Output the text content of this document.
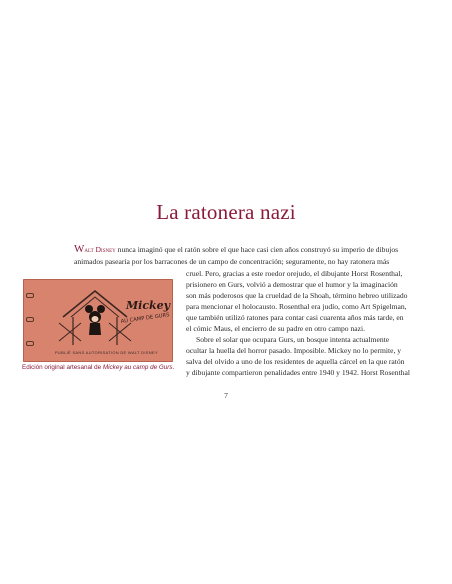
La ratonera nazi
Walt Disney nunca imaginó que el ratón sobre el que hace casi cien años construyó su imperio de dibujos
animados pasearía por los barracones de un campo de concentración; seguramente, no hay ratonera más
cruel. Pero, gracias a este roedor orejudo, el dibujante Horst Rosenthal,
prisionero en Gurs, volvió a demostrar que el humor y la imaginación
son más poderosos que la crueldad de la Shoah, término hebreo utilizado
para mencionar el holocausto. Rosenthal era judío, como Art Spigelman,
que también utilizó ratones para contar casi cuarenta años más tarde, en
el cómic Maus, el encierro de su padre en otro campo nazi.
Sobre el solar que ocupara Gurs, un bosque intenta actualmente
ocultar la huella del horror pasado. Imposible. Mickey no lo permite, y
salva del olvido a uno de los residentes de aquella cárcel en la que ratón
y dibujante compartieron penalidades entre 1940 y 1942. Horst Rosenthal
Mickey
AU CAMP DE GURS
PUBLIÉ SANS AUTORISATION DE WALT DISNEY
Edición original artesanal de Mickey au camp de Gurs.
7
